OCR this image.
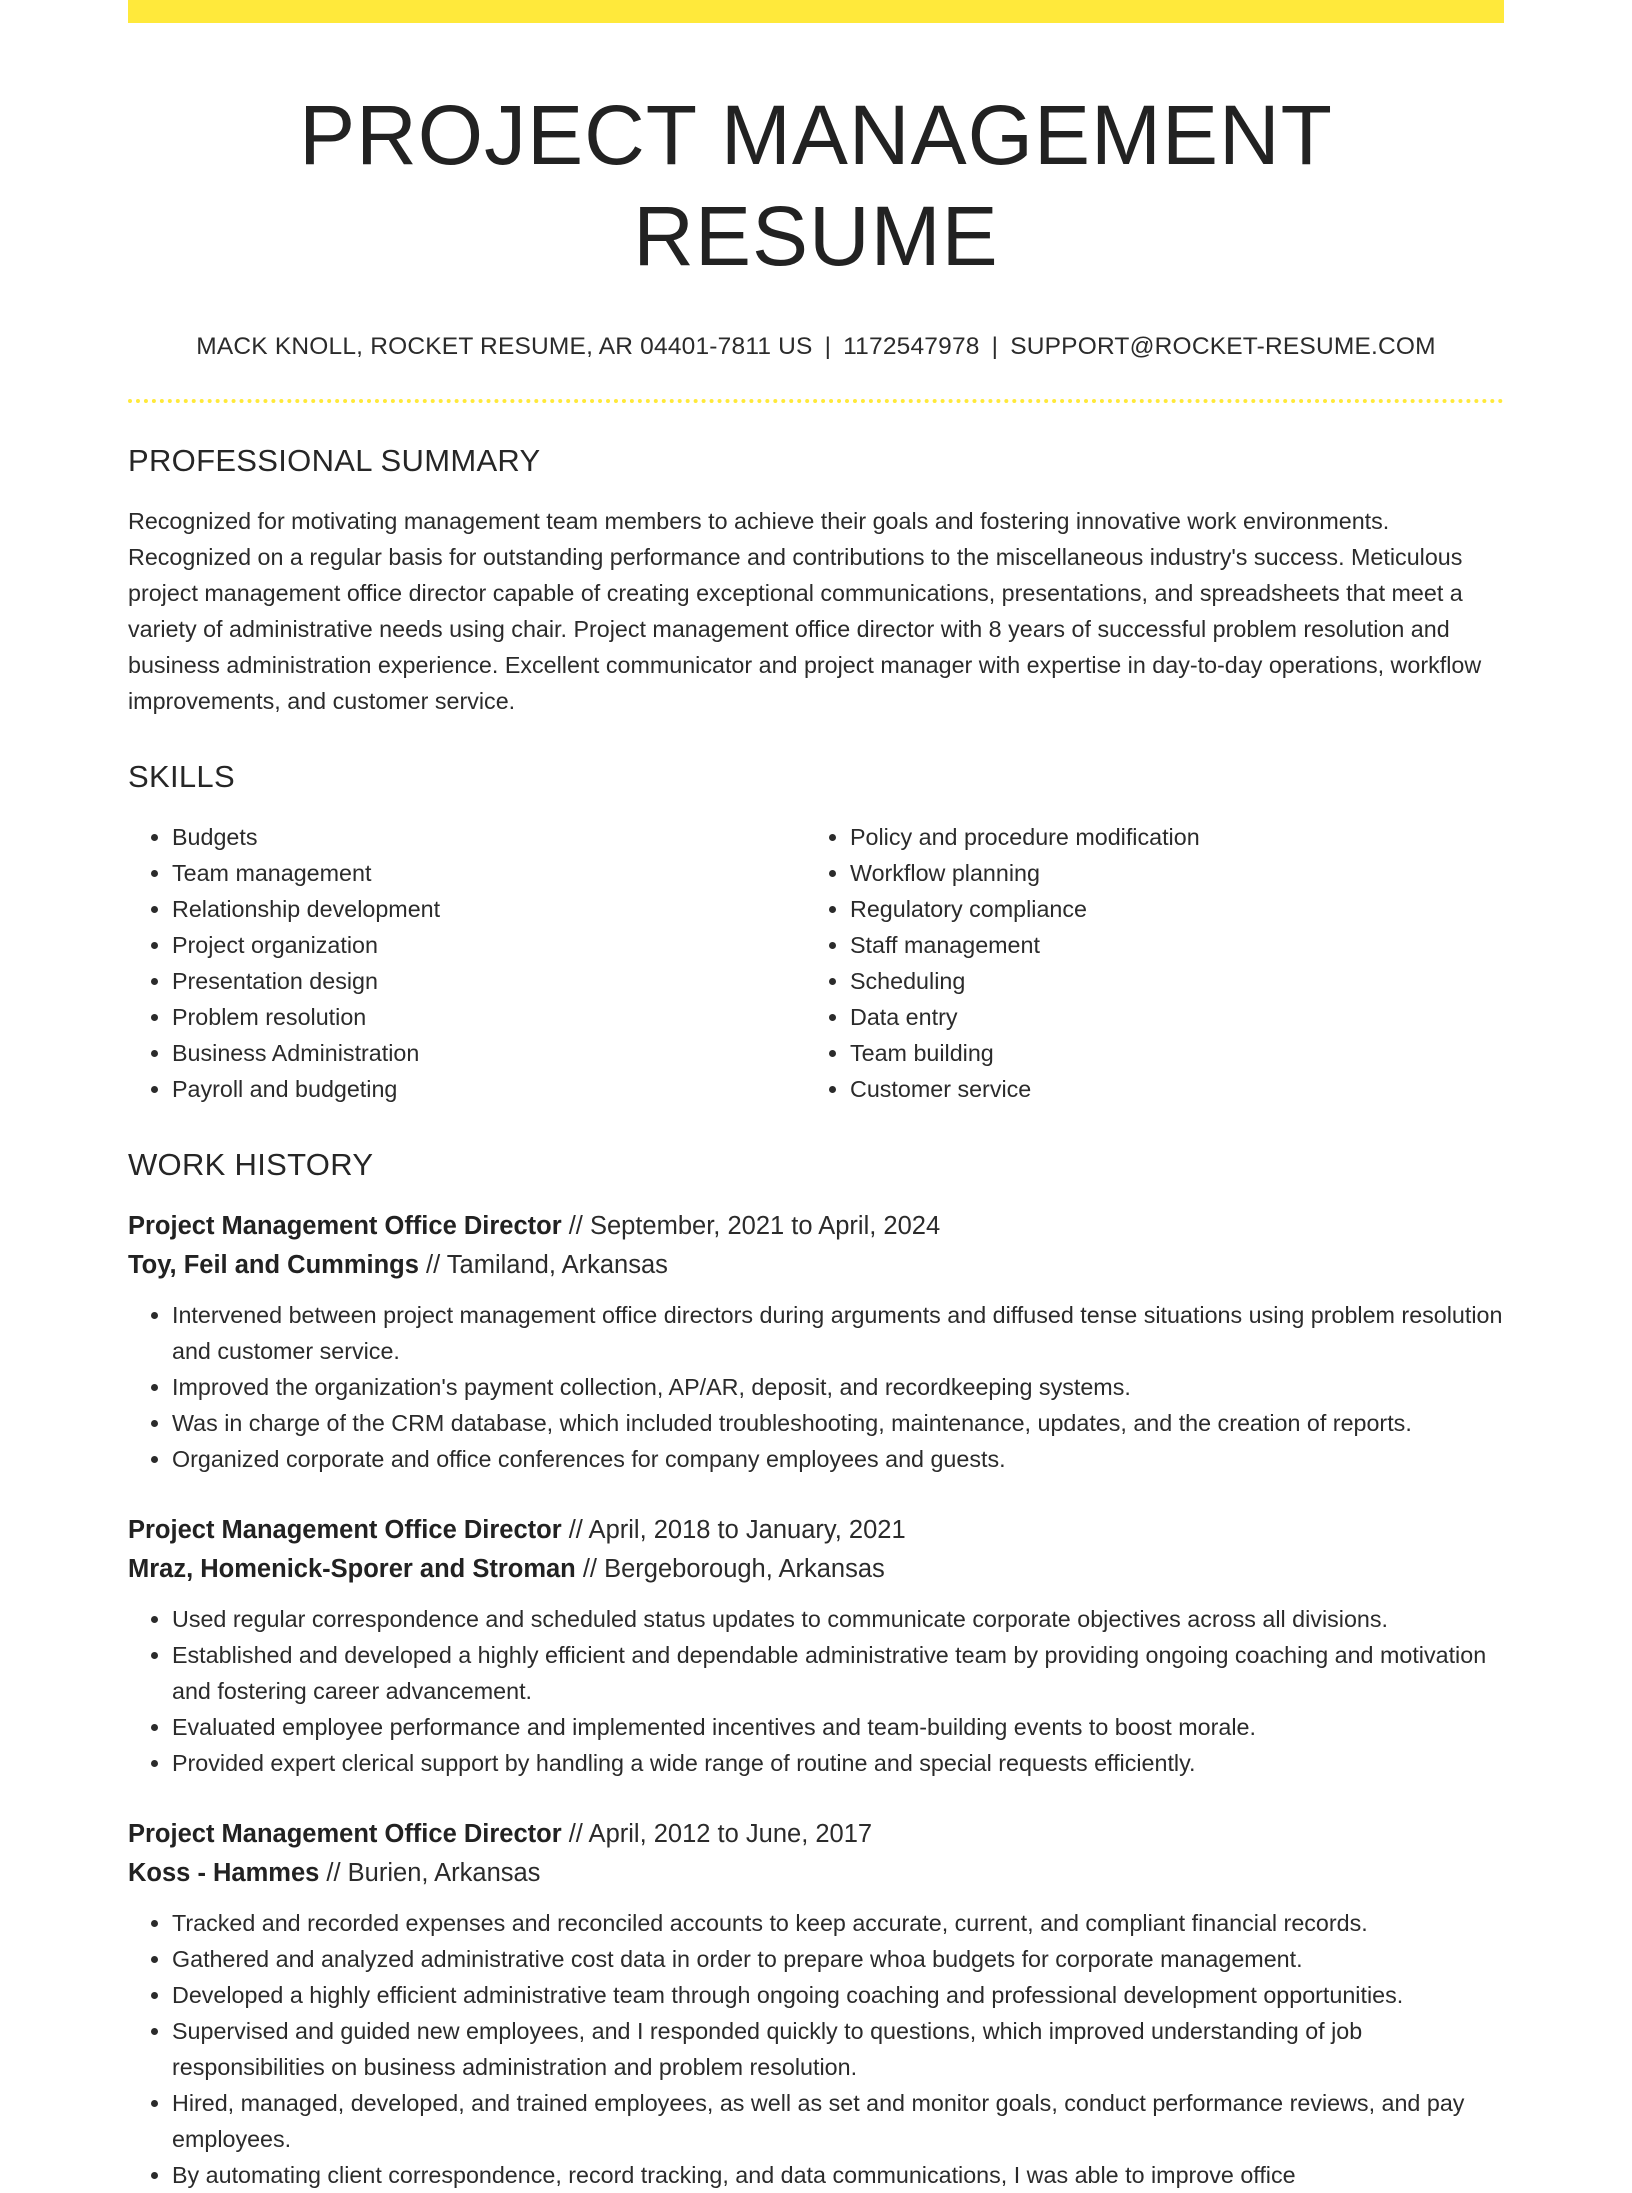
PROJECT MANAGEMENT RESUME
MACK KNOLL, ROCKET RESUME, AR 04401-7811 US | 1172547978 | SUPPORT@ROCKET-RESUME.COM
PROFESSIONAL SUMMARY

Recognized for motivating management team members to achieve their goals and fostering innovative work environments. Recognized on a regular basis for outstanding performance and contributions to the miscellaneous industry's success. Meticulous project management office director capable of creating exceptional communications, presentations, and spreadsheets that meet a variety of administrative needs using chair. Project management office director with 8 years of successful problem resolution and business administration experience. Excellent communicator and project manager with expertise in day-to-day operations, workflow improvements, and customer service.

SKILLS
• Budgets
• Team management
• Relationship development
• Project organization
• Presentation design
• Problem resolution
• Business Administration
• Payroll and budgeting
• Policy and procedure modification
• Workflow planning
• Regulatory compliance
• Staff management
• Scheduling
• Data entry
• Team building
• Customer service
WORK HISTORY
Project Management Office Director // September, 2021 to April, 2024
Toy, Feil and Cummings // Tamiland, Arkansas
• Intervened between project management office directors during arguments and diffused tense situations using problem resolution and customer service.
• Improved the organization's payment collection, AP/AR, deposit, and recordkeeping systems.
• Was in charge of the CRM database, which included troubleshooting, maintenance, updates, and the creation of reports.
• Organized corporate and office conferences for company employees and guests.
Project Management Office Director // April, 2018 to January, 2021
Mraz, Homenick-Sporer and Stroman // Bergeborough, Arkansas
• Used regular correspondence and scheduled status updates to communicate corporate objectives across all divisions.
• Established and developed a highly efficient and dependable administrative team by providing ongoing coaching and motivation and fostering career advancement.
• Evaluated employee performance and implemented incentives and team-building events to boost morale.
• Provided expert clerical support by handling a wide range of routine and special requests efficiently.
Project Management Office Director // April, 2012 to June, 2017
Koss - Hammes // Burien, Arkansas
• Tracked and recorded expenses and reconciled accounts to keep accurate, current, and compliant financial records.
• Gathered and analyzed administrative cost data in order to prepare whoa budgets for corporate management.
• Developed a highly efficient administrative team through ongoing coaching and professional development opportunities.
• Supervised and guided new employees, and I responded quickly to questions, which improved understanding of job responsibilities on business administration and problem resolution.
• Hired, managed, developed, and trained employees, as well as set and monitor goals, conduct performance reviews, and pay employees.
• By automating client correspondence, record tracking, and data communications, I was able to improve office
